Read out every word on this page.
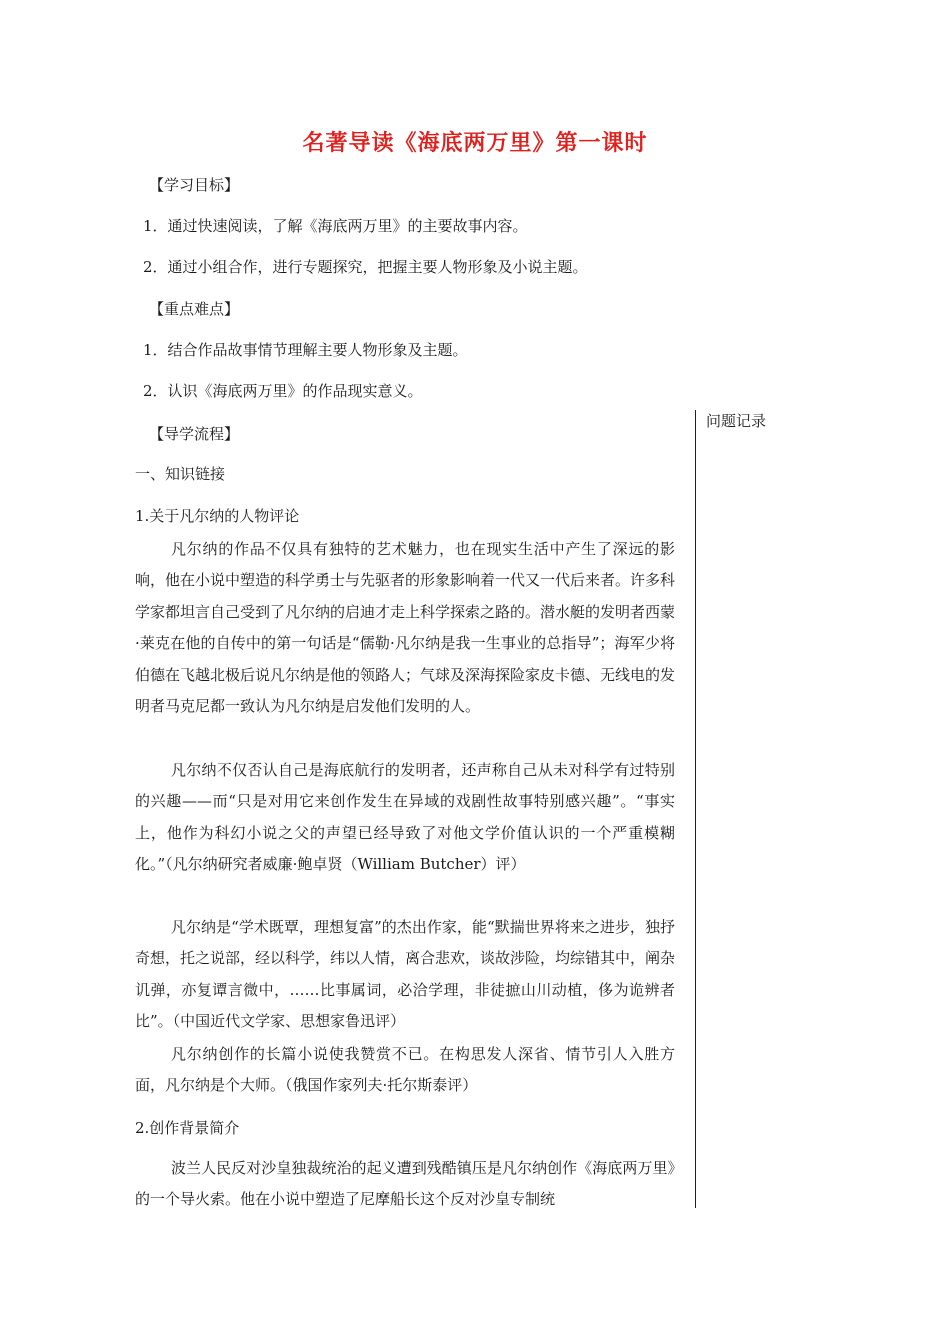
名著导读《海底两万里》第一课时
【学习目标】
1．通过快速阅读，了解《海底两万里》的主要故事内容。
2．通过小组合作，进行专题探究，把握主要人物形象及小说主题。
【重点难点】
1．结合作品故事情节理解主要人物形象及主题。
2．认识《海底两万里》的作品现实意义。
【导学流程】
一、知识链接
1.关于凡尔纳的人物评论

凡尔纳的作品不仅具有独特的艺术魅力，也在现实生活中产生了深远的影响，他在小说中塑造的科学勇士与先驱者的形象影响着一代又一代后来者。许多科学家都坦言自己受到了凡尔纳的启迪才走上科学探索之路的。潜水艇的发明者西蒙·莱克在他的自传中的第一句话是“儒勒·凡尔纳是我一生事业的总指导”；海军少将伯德在飞越北极后说凡尔纳是他的领路人；气球及深海探险家皮卡德、无线电的发明者马克尼都一致认为凡尔纳是启发他们发明的人。

凡尔纳不仅否认自己是海底航行的发明者，还声称自己从未对科学有过特别的兴趣——而“只是对用它来创作发生在异域的戏剧性故事特别感兴趣”。“事实上，他作为科幻小说之父的声望已经导致了对他文学价值认识的一个严重模糊化。”（凡尔纳研究者威廉·鲍卓贤（William Butcher）评）

凡尔纳是“学术既覃，理想复富”的杰出作家，能“默揣世界将来之进步，独抒奇想，托之说部，经以科学，纬以人情，离合悲欢，谈故涉险，均综错其中，阐杂讥弹，亦复谭言微中，……比事属词，必洽学理，非徒摭山川动植，侈为诡辨者比”。（中国近代文学家、思想家鲁迅评）

凡尔纳创作的长篇小说使我赞赏不已。在构思发人深省、情节引人入胜方面，凡尔纳是个大师。（俄国作家列夫·托尔斯泰评）

2.创作背景简介

波兰人民反对沙皇独裁统治的起义遭到残酷镇压是凡尔纳创作《海底两万里》的一个导火索。他在小说中塑造了尼摩船长这个反对沙皇专制统

问题记录
